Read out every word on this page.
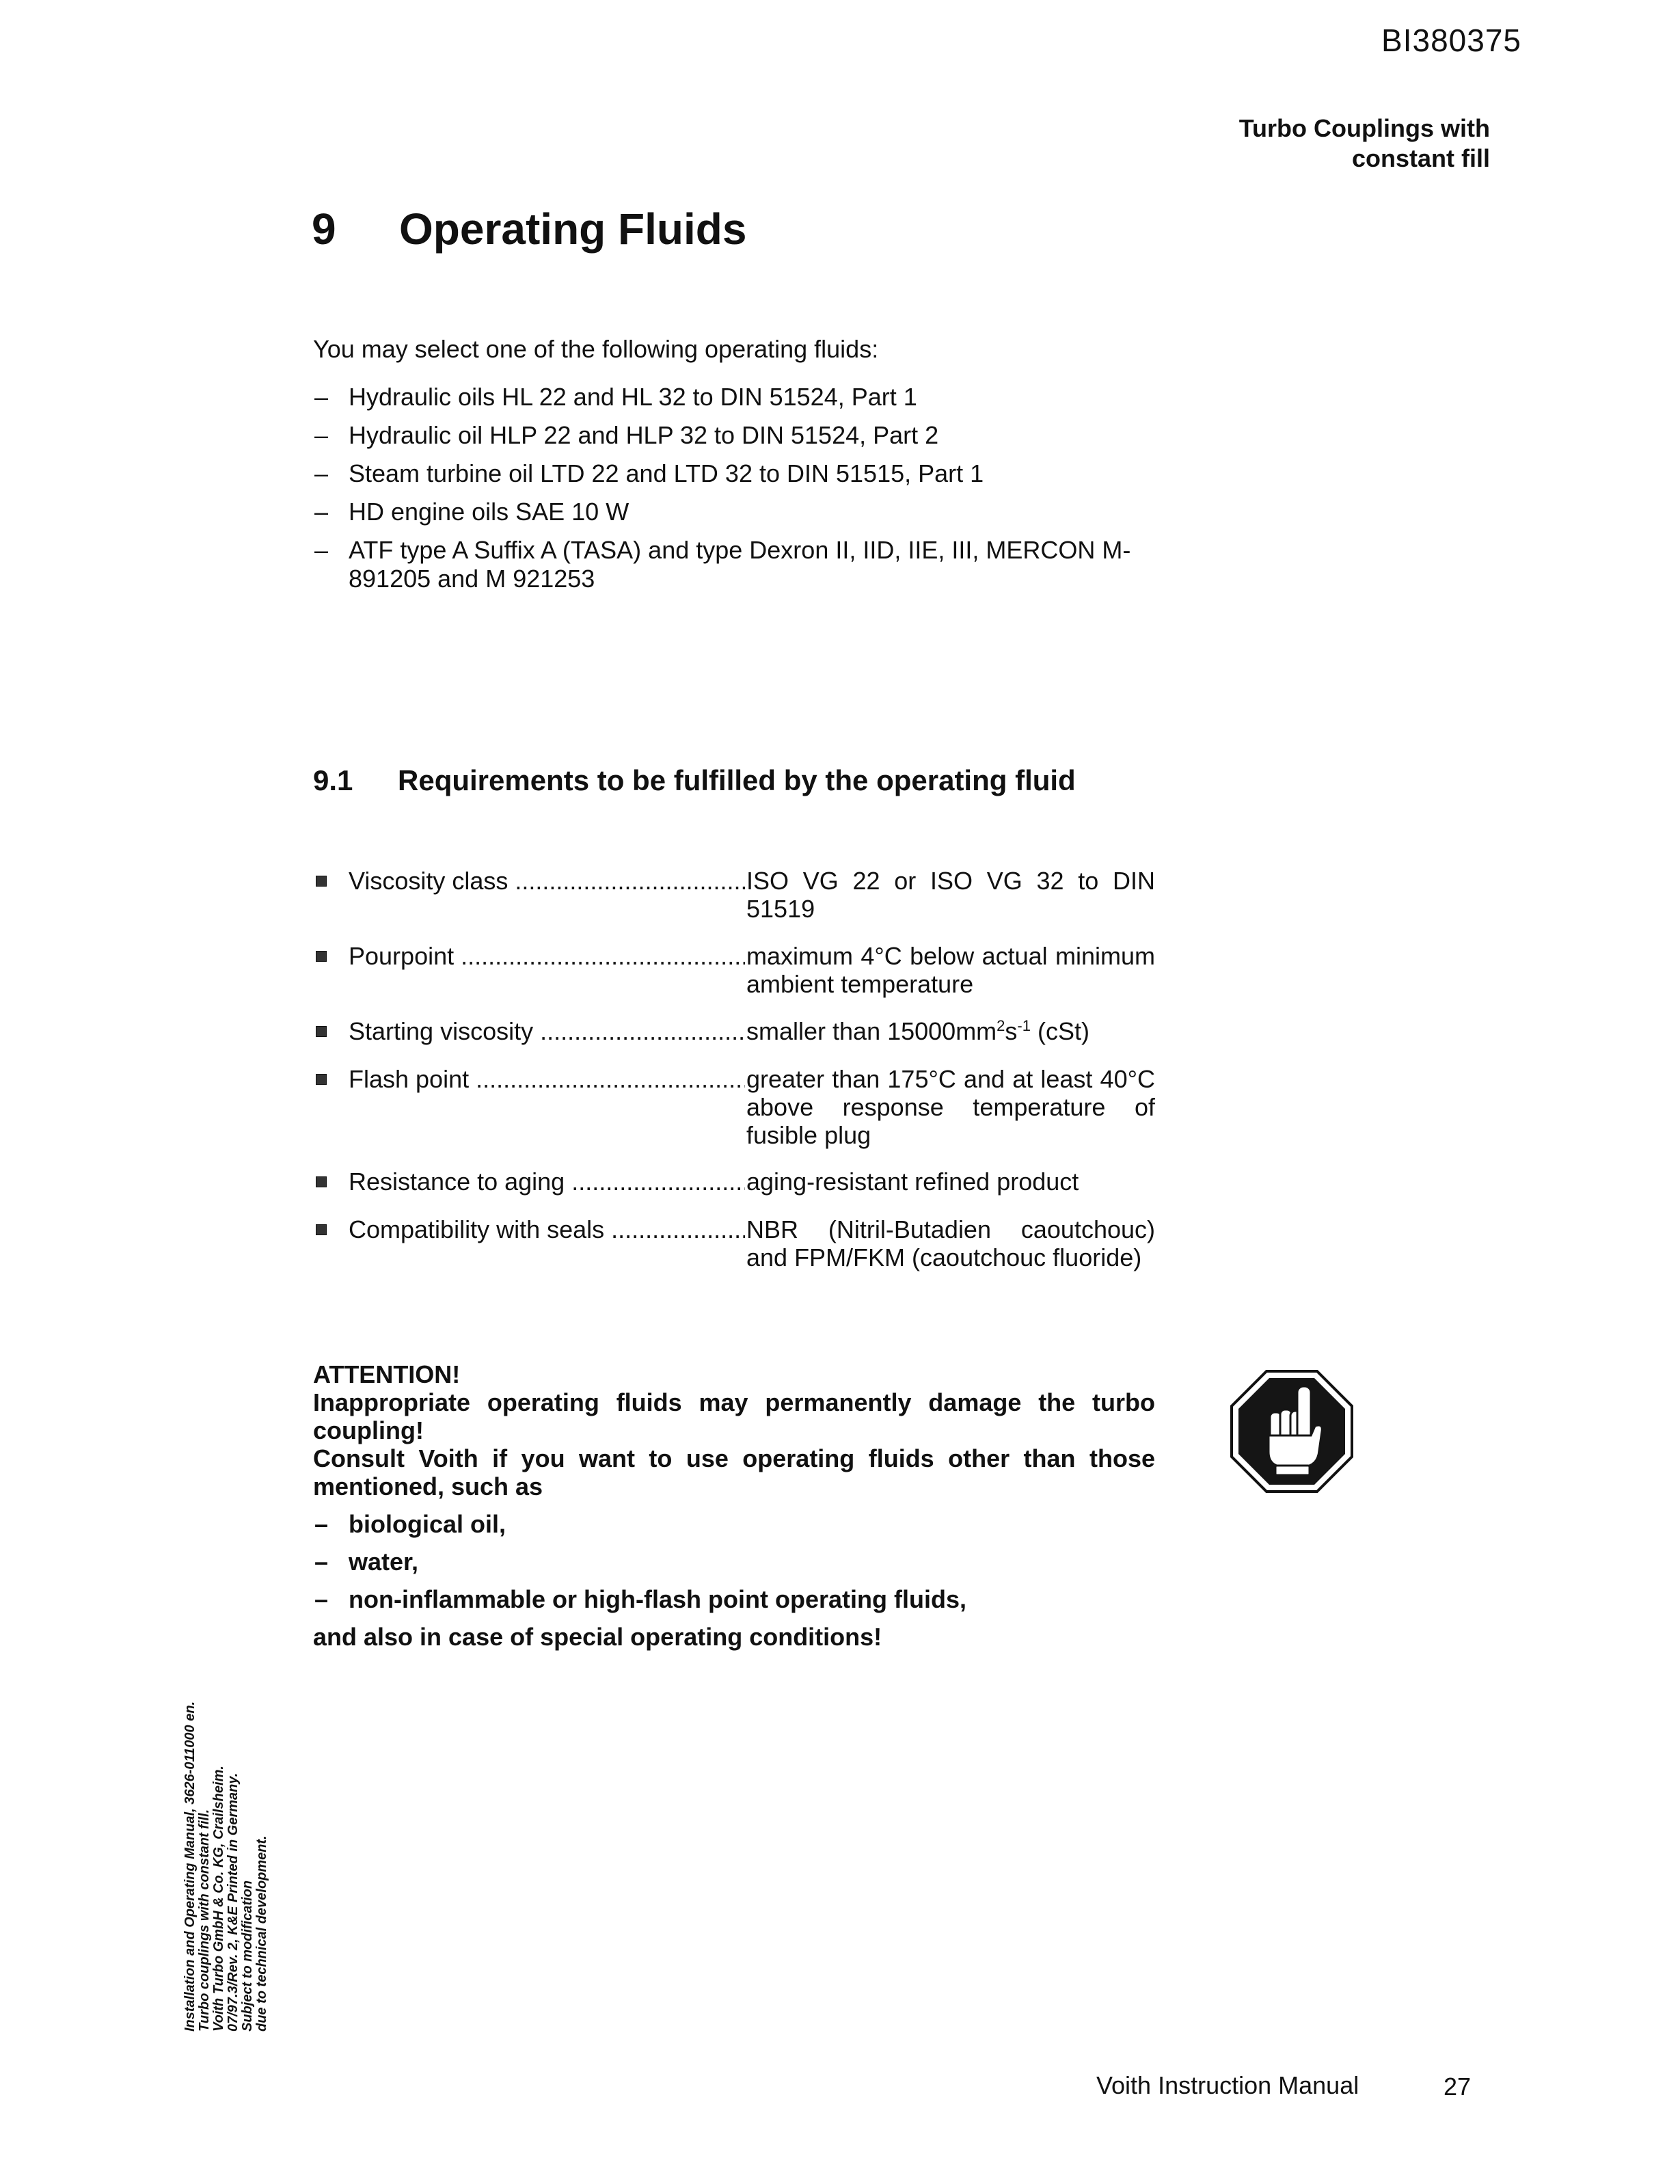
BI380375
Turbo Couplings with
constant fill
9 Operating Fluids
You may select one of the following operating fluids:
– Hydraulic oils HL 22 and HL 32 to DIN 51524, Part 1
– Hydraulic oil HLP 22 and HLP 32 to DIN 51524, Part 2
– Steam turbine oil LTD 22 and LTD 32 to DIN 51515, Part 1
– HD engine oils SAE 10 W
– ATF type A Suffix A (TASA) and type Dexron II, IID, IIE, III, MERCON M-891205 and M 921253
9.1 Requirements to be fulfilled by the operating fluid
Viscosity class .....	ISO VG 22 or ISO VG 32 to DIN 51519
Pourpoint .....	maximum 4°C below actual minimum ambient temperature
Starting viscosity .....	smaller than $15000mm^2s^{-1}$ (cSt)
Flash point .....	greater than 175°C and at least 40°C above response temperature of fusible plug
Resistance to aging .....	aging-resistant refined product
Compatibility with seals .....	NBR (Nitril-Butadien caoutchouc) and FPM/FKM (caoutchouc fluoride)

ATTENTION!

Inappropriate operating fluids may permanently damage the turbo coupling!

Consult Voith if you want to use operating fluids other than those mentioned, such as

– biological oil,
– water,
– non-inflammable or high-flash point operating fluids,

and also in case of special operating conditions!

Installation and Operating Manual, 3626-011000 en. Turbo couplings with constant fill. Voith Turbo GmbH & Co. KG, Crailsheim. 07/97.3/Rev. 2, K&E Printed in Germany. Subject to modification due to technical development.
Voith Instruction Manual	27
